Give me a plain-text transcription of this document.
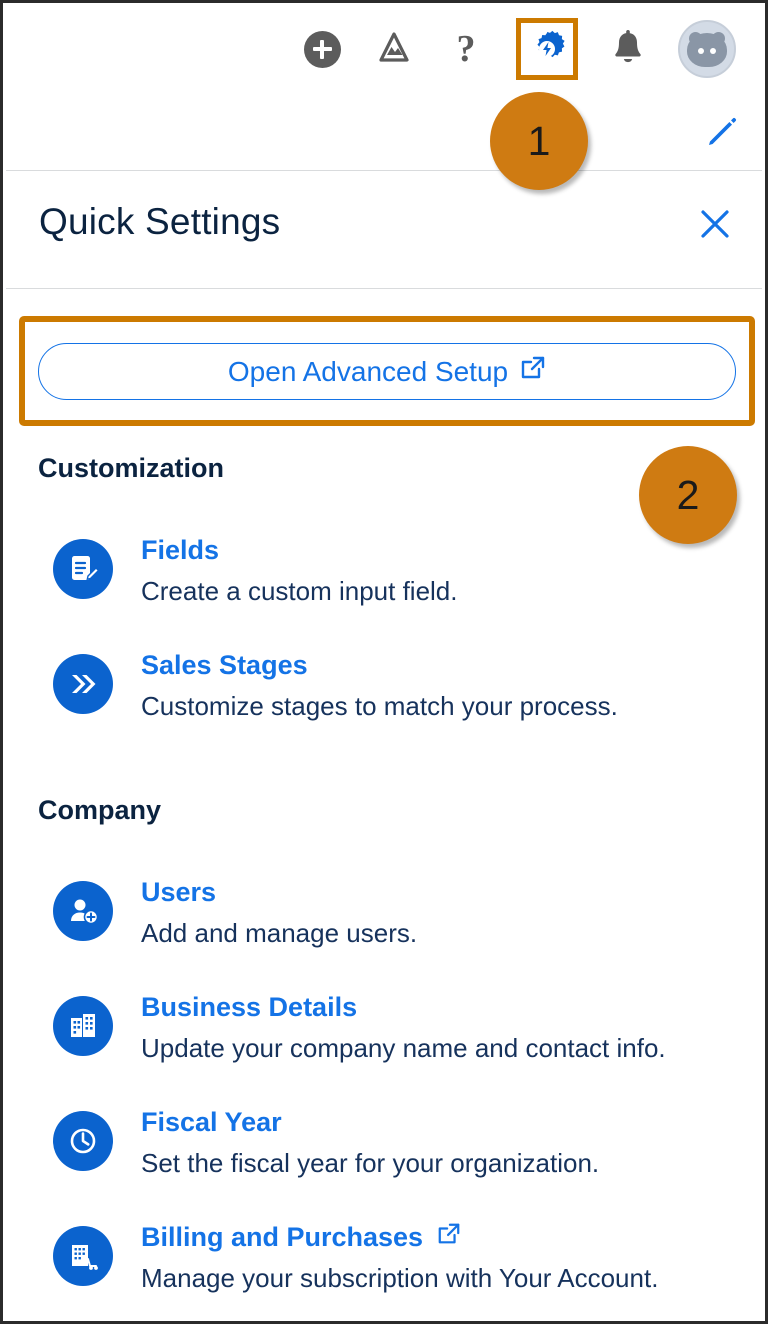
?
Quick Settings
Open Advanced Setup
Customization
Fields
Create a custom input field.
Sales Stages
Customize stages to match your process.
Company
Users
Add and manage users.
Business Details
Update your company name and contact info.
Fiscal Year
Set the fiscal year for your organization.
Billing and Purchases
Manage your subscription with Your Account.
1
2
